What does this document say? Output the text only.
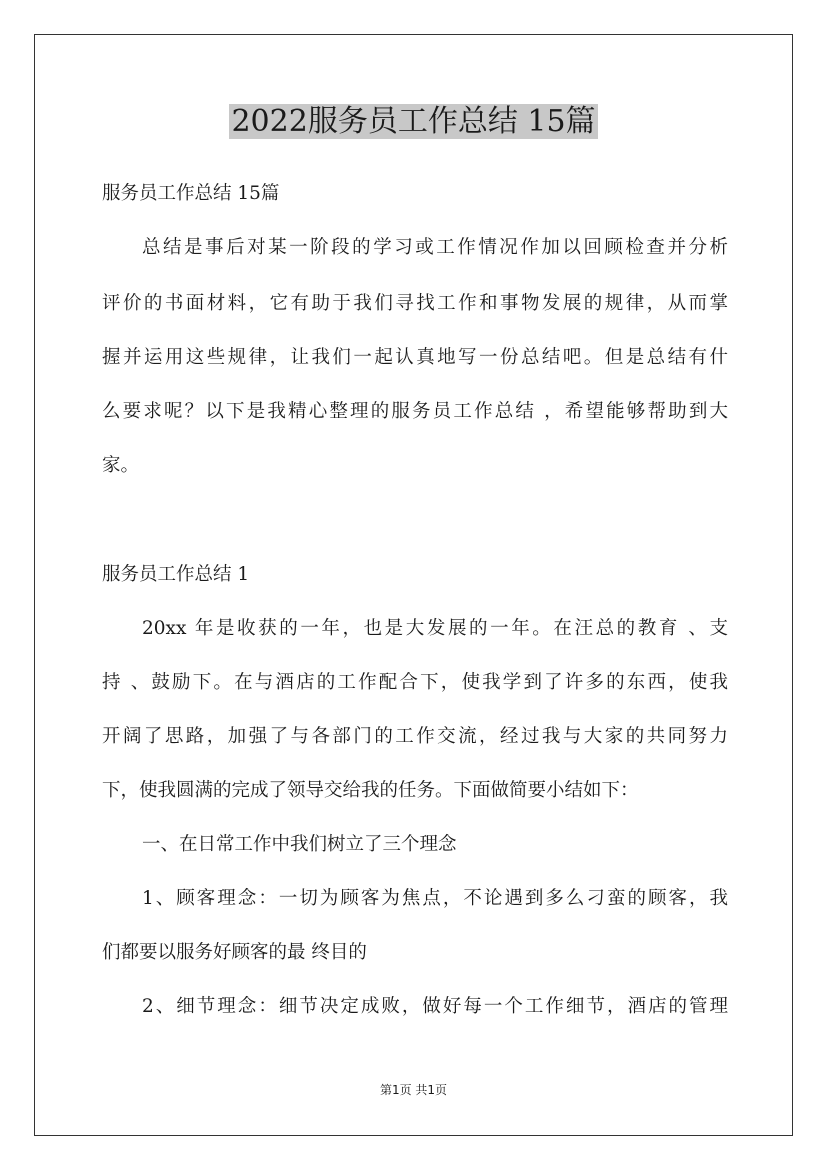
2022服务员工作总结 15篇
服务员工作总结 15篇
总结是事后对某一阶段的学习或工作情况作加以回顾检查并分析
评价的书面材料，它有助于我们寻找工作和事物发展的规律，从而掌
握并运用这些规律，让我们一起认真地写一份总结吧。但是总结有什
么要求呢？以下是我精心整理的服务员工作总结 ，希望能够帮助到大
家。
服务员工作总结 1
20xx 年是收获的一年，也是大发展的一年。在汪总的教育 、支
持 、鼓励下。在与酒店的工作配合下，使我学到了许多的东西，使我
开阔了思路，加强了与各部门的工作交流，经过我与大家的共同努力
下，使我圆满的完成了领导交给我的任务。下面做简要小结如下：
一、在日常工作中我们树立了三个理念
1、顾客理念：一切为顾客为焦点，不论遇到多么刁蛮的顾客，我
们都要以服务好顾客的最 终目的
2、细节理念：细节决定成败，做好每一个工作细节，酒店的管理
第1页 共1页
